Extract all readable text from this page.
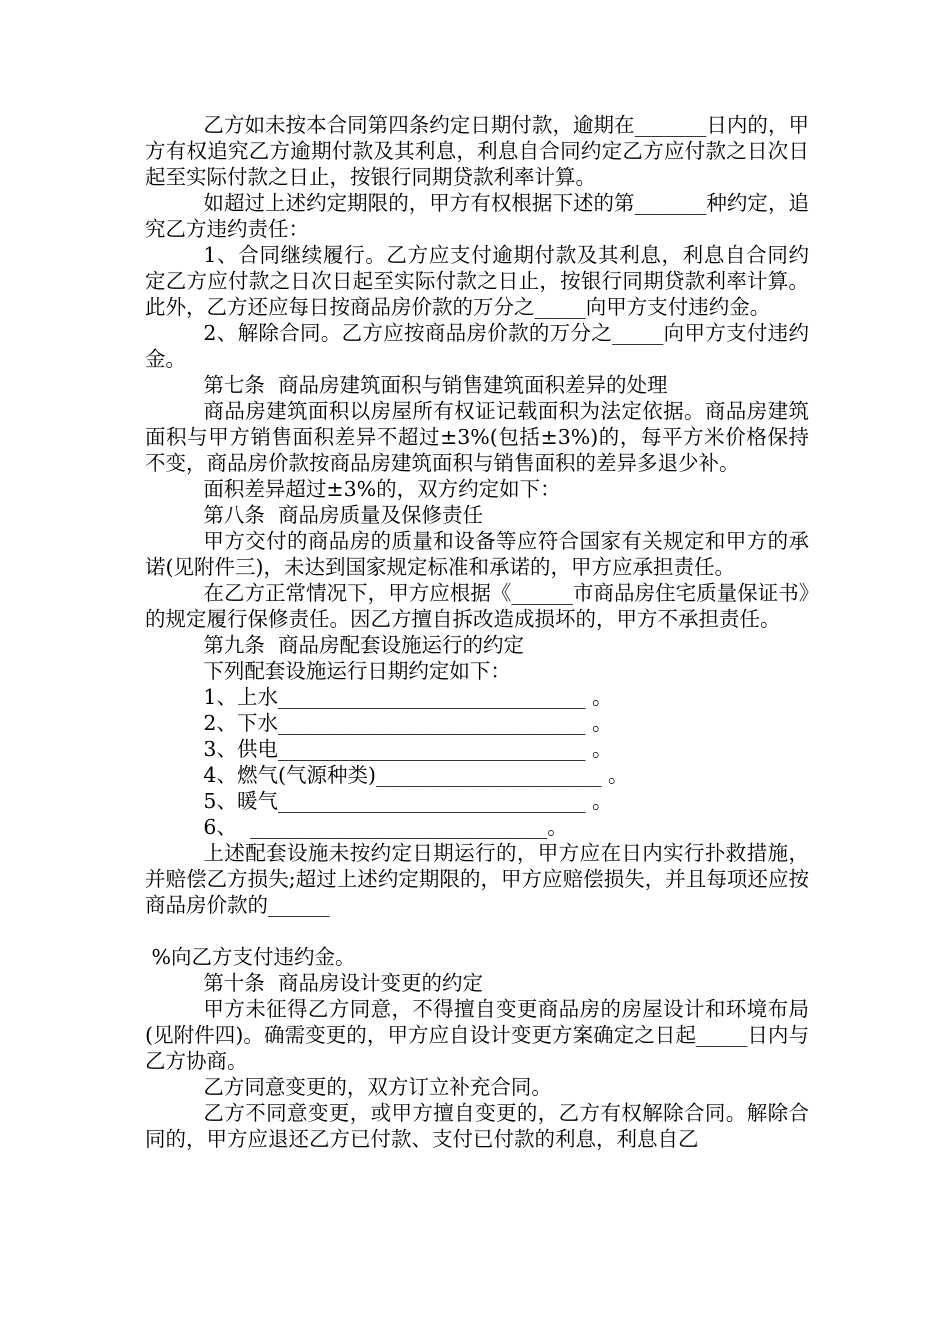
乙方如未按本合同第四条约定日期付款，逾期在_______日内的，甲方有权追究乙方逾期付款及其利息，利息自合同约定乙方应付款之日次日起至实际付款之日止，按银行同期贷款利率计算。

如超过上述约定期限的，甲方有权根据下述的第_______种约定，追究乙方违约责任：

1、合同继续履行。乙方应支付逾期付款及其利息，利息自合同约定乙方应付款之日次日起至实际付款之日止，按银行同期贷款利率计算。此外，乙方还应每日按商品房价款的万分之_____向甲方支付违约金。

2、解除合同。乙方应按商品房价款的万分之_____向甲方支付违约金。

第七条  商品房建筑面积与销售建筑面积差异的处理

商品房建筑面积以房屋所有权证记载面积为法定依据。商品房建筑面积与甲方销售面积差异不超过±3%(包括±3%)的，每平方米价格保持不变，商品房价款按商品房建筑面积与销售面积的差异多退少补。

面积差异超过±3%的，双方约定如下：

第八条  商品房质量及保修责任

甲方交付的商品房的质量和设备等应符合国家有关规定和甲方的承诺(见附件三)，未达到国家规定标准和承诺的，甲方应承担责任。

在乙方正常情况下，甲方应根据《______市商品房住宅质量保证书》的规定履行保修责任。因乙方擅自拆改造成损坏的，甲方不承担责任。

第九条  商品房配套设施运行的约定

下列配套设施运行日期约定如下：

1、上水______________________________ 。

2、下水______________________________ 。

3、供电______________________________ 。

4、燃气(气源种类)______________________ 。

5、暖气______________________________ 。

6、  _____________________________。

上述配套设施未按约定日期运行的，甲方应在日内实行扑救措施，并赔偿乙方损失;超过上述约定期限的，甲方应赔偿损失，并且每项还应按商品房价款的______

%向乙方支付违约金。

第十条  商品房设计变更的约定

甲方未征得乙方同意，不得擅自变更商品房的房屋设计和环境布局(见附件四)。确需变更的，甲方应自设计变更方案确定之日起_____日内与乙方协商。

乙方同意变更的，双方订立补充合同。

乙方不同意变更，或甲方擅自变更的，乙方有权解除合同。解除合同的，甲方应退还乙方已付款、支付已付款的利息，利息自乙
